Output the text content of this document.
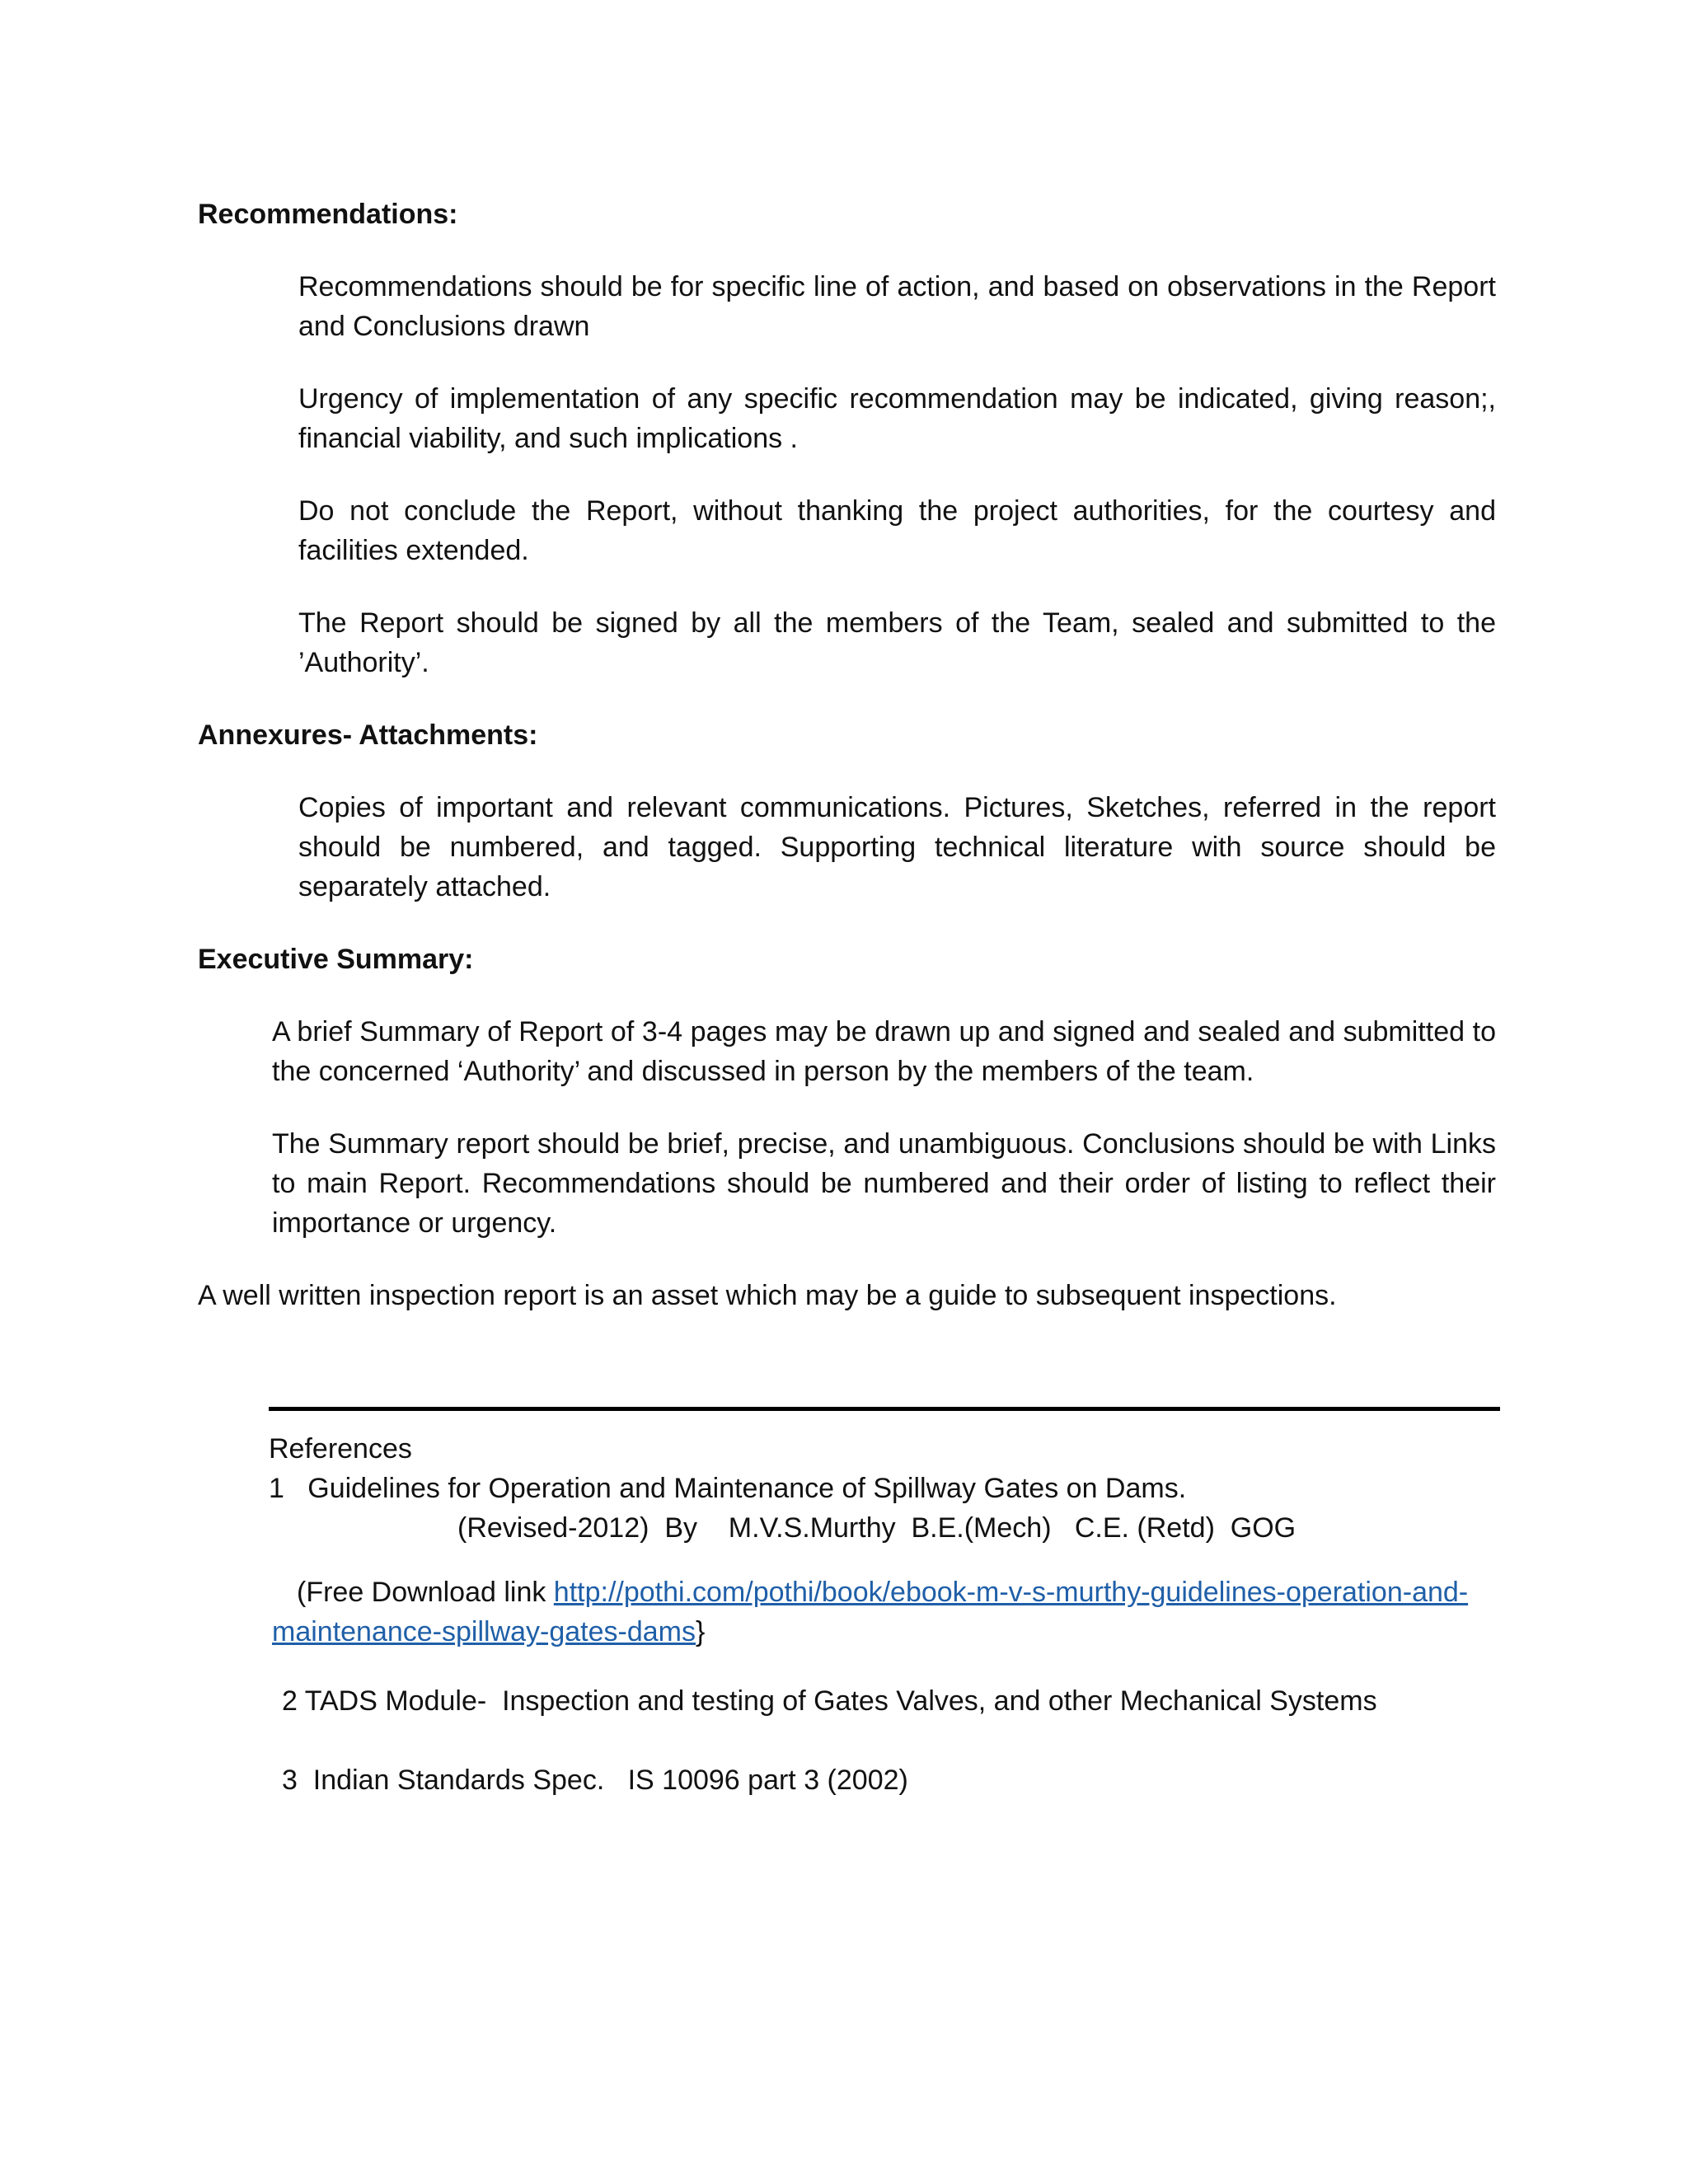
Recommendations:
Recommendations should be for specific line of action, and based on observations in the Report and Conclusions drawn
Urgency of implementation of any specific recommendation may be indicated, giving reason;, financial viability, and such implications .
Do not conclude the Report, without thanking the project authorities, for the courtesy and facilities extended.
The Report should be signed by all the members of the Team, sealed and submitted to the ’Authority’.
Annexures- Attachments:
Copies of important and relevant communications. Pictures, Sketches, referred in the report should be numbered, and tagged. Supporting technical literature with source should be separately attached.
Executive Summary:
A brief Summary of Report of 3-4 pages may be drawn up and signed and sealed and submitted to the concerned ‘Authority’ and discussed in person by the members of the team.
The Summary report should be brief, precise, and unambiguous. Conclusions should be with Links to main Report. Recommendations should be numbered and their order of listing to reflect their importance or urgency.
A well written inspection report is an asset which may be a guide to subsequent inspections.
References
1   Guidelines for Operation and Maintenance of Spillway Gates on Dams.
(Revised-2012)  By    M.V.S.Murthy  B.E.(Mech)   C.E. (Retd)  GOG
(Free Download link http://pothi.com/pothi/book/ebook-m-v-s-murthy-guidelines-operation-and-maintenance-spillway-gates-dams}
2 TADS Module-  Inspection and testing of Gates Valves, and other Mechanical Systems
3  Indian Standards Spec.   IS 10096 part 3 (2002)
